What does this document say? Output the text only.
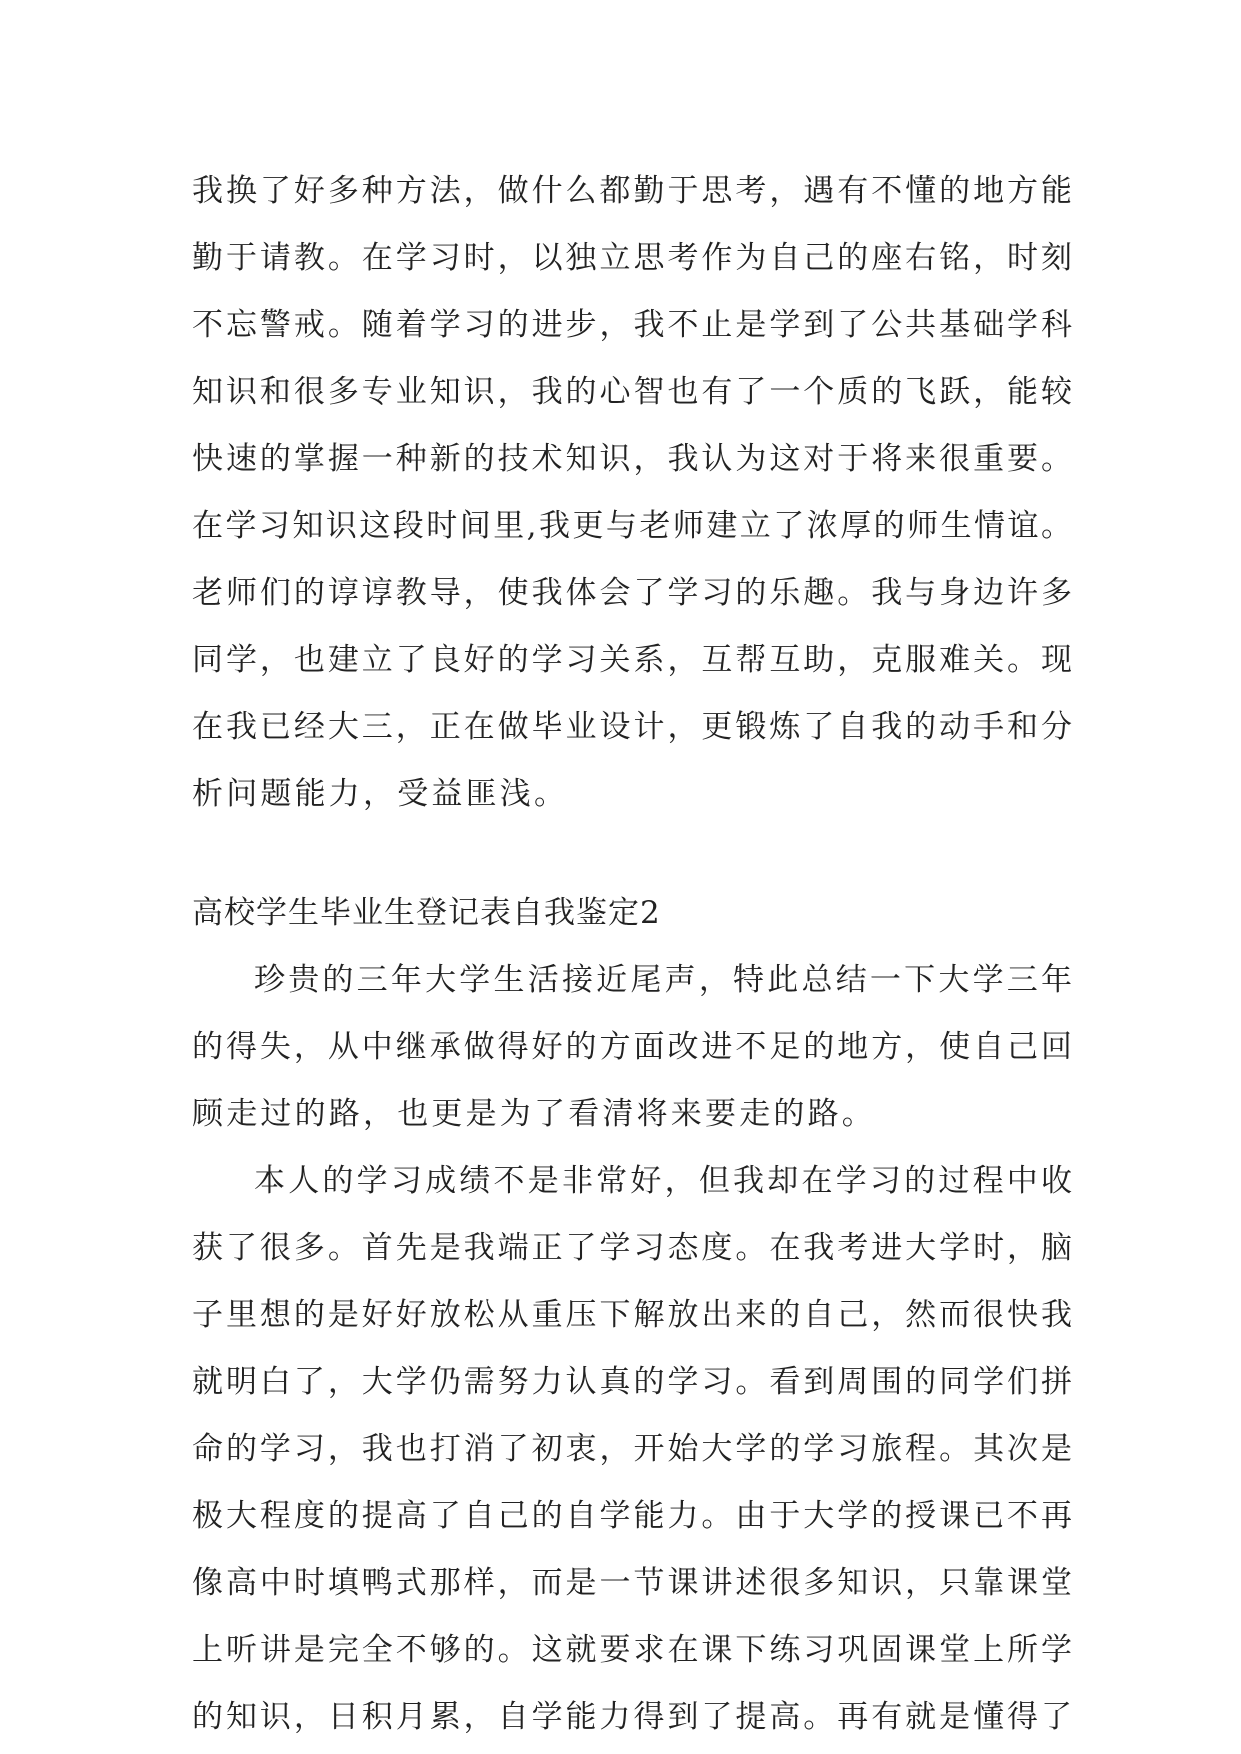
我换了好多种方法，做什么都勤于思考，遇有不懂的地方能
勤于请教。在学习时，以独立思考作为自己的座右铭，时刻
不忘警戒。随着学习的进步，我不止是学到了公共基础学科
知识和很多专业知识，我的心智也有了一个质的飞跃，能较
快速的掌握一种新的技术知识，我认为这对于将来很重要。
在学习知识这段时间里,我更与老师建立了浓厚的师生情谊。
老师们的谆谆教导，使我体会了学习的乐趣。我与身边许多
同学，也建立了良好的学习关系，互帮互助，克服难关。现
在我已经大三，正在做毕业设计，更锻炼了自我的动手和分
析问题能力，受益匪浅。
高校学生毕业生登记表自我鉴定2
珍贵的三年大学生活接近尾声，特此总结一下大学三年
的得失，从中继承做得好的方面改进不足的地方，使自己回
顾走过的路，也更是为了看清将来要走的路。
本人的学习成绩不是非常好，但我却在学习的过程中收
获了很多。首先是我端正了学习态度。在我考进大学时，脑
子里想的是好好放松从重压下解放出来的自己，然而很快我
就明白了，大学仍需努力认真的学习。看到周围的同学们拼
命的学习，我也打消了初衷，开始大学的学习旅程。其次是
极大程度的提高了自己的自学能力。由于大学的授课已不再
像高中时填鸭式那样，而是一节课讲述很多知识，只靠课堂
上听讲是完全不够的。这就要求在课下练习巩固课堂上所学
的知识，日积月累，自学能力得到了提高。再有就是懂得了
